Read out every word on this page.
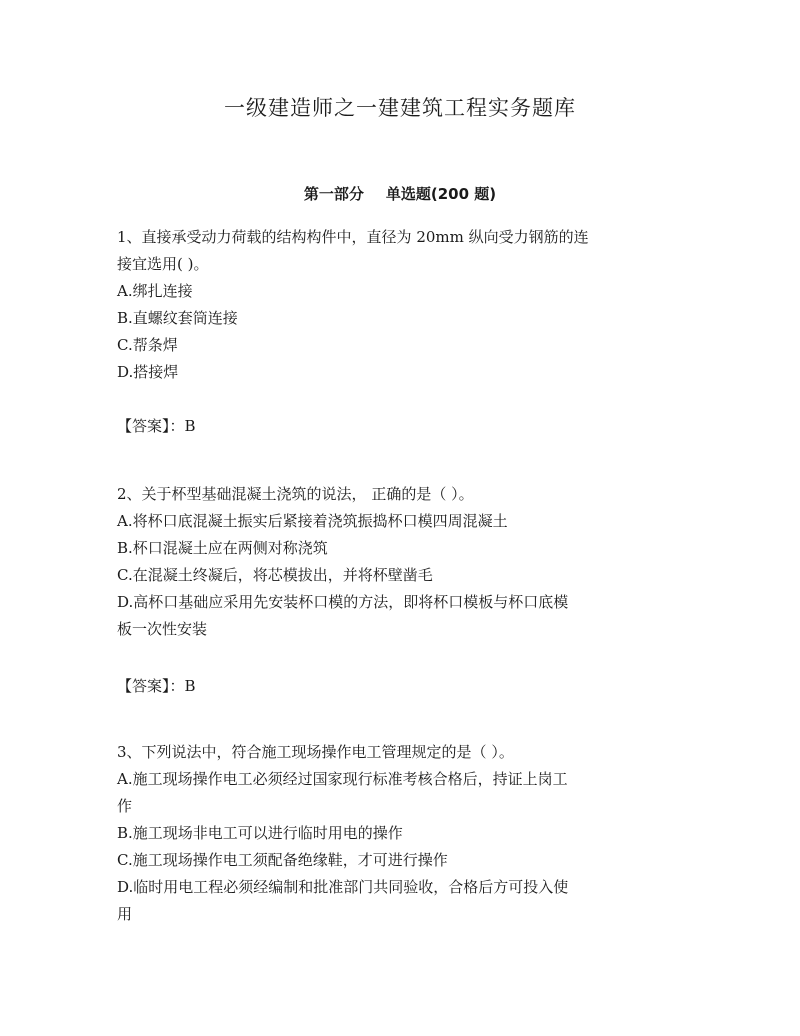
一级建造师之一建建筑工程实务题库
第一部分 单选题(200 题)
1、直接承受动力荷载的结构构件中，直径为 20mm 纵向受力钢筋的连
接宜选用( )。
A.绑扎连接
B.直螺纹套筒连接
C.帮条焊
D.搭接焊
【答案】：B
2、关于杯型基础混凝土浇筑的说法， 正确的是（ ）。
A.将杯口底混凝土振实后紧接着浇筑振捣杯口模四周混凝土
B.杯口混凝土应在两侧对称浇筑
C.在混凝土终凝后，将芯模拔出，并将杯壁凿毛
D.高杯口基础应采用先安装杯口模的方法，即将杯口模板与杯口底模
板一次性安装
【答案】：B
3、下列说法中，符合施工现场操作电工管理规定的是（ ）。
A.施工现场操作电工必须经过国家现行标准考核合格后，持证上岗工
作
B.施工现场非电工可以进行临时用电的操作
C.施工现场操作电工须配备绝缘鞋，才可进行操作
D.临时用电工程必须经编制和批准部门共同验收，合格后方可投入使
用
